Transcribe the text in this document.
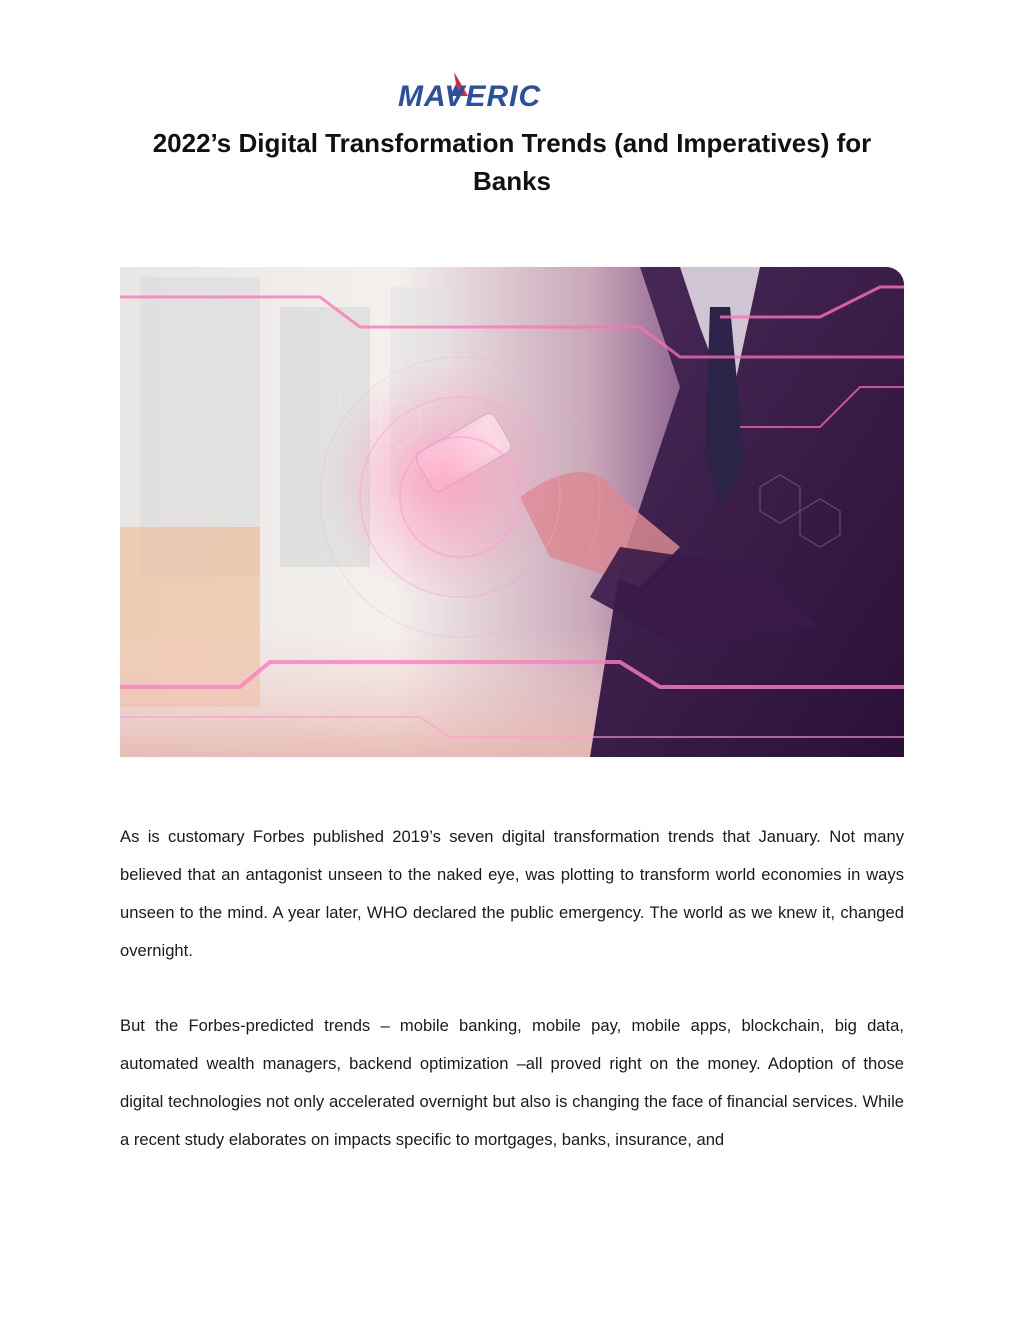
MAVERIC
2022’s Digital Transformation Trends (and Imperatives) for
Banks

As is customary Forbes published 2019’s seven digital transformation trends that January. Not many believed that an antagonist unseen to the naked eye, was plotting to transform world economies in ways unseen to the mind. A year later, WHO declared the public emergency. The world as we knew it, changed overnight.

But the Forbes-predicted trends – mobile banking, mobile pay, mobile apps, blockchain, big data, automated wealth managers, backend optimization –all proved right on the money. Adoption of those digital technologies not only accelerated overnight but also is changing the face of financial services. While a recent study elaborates on impacts specific to mortgages, banks, insurance, and
